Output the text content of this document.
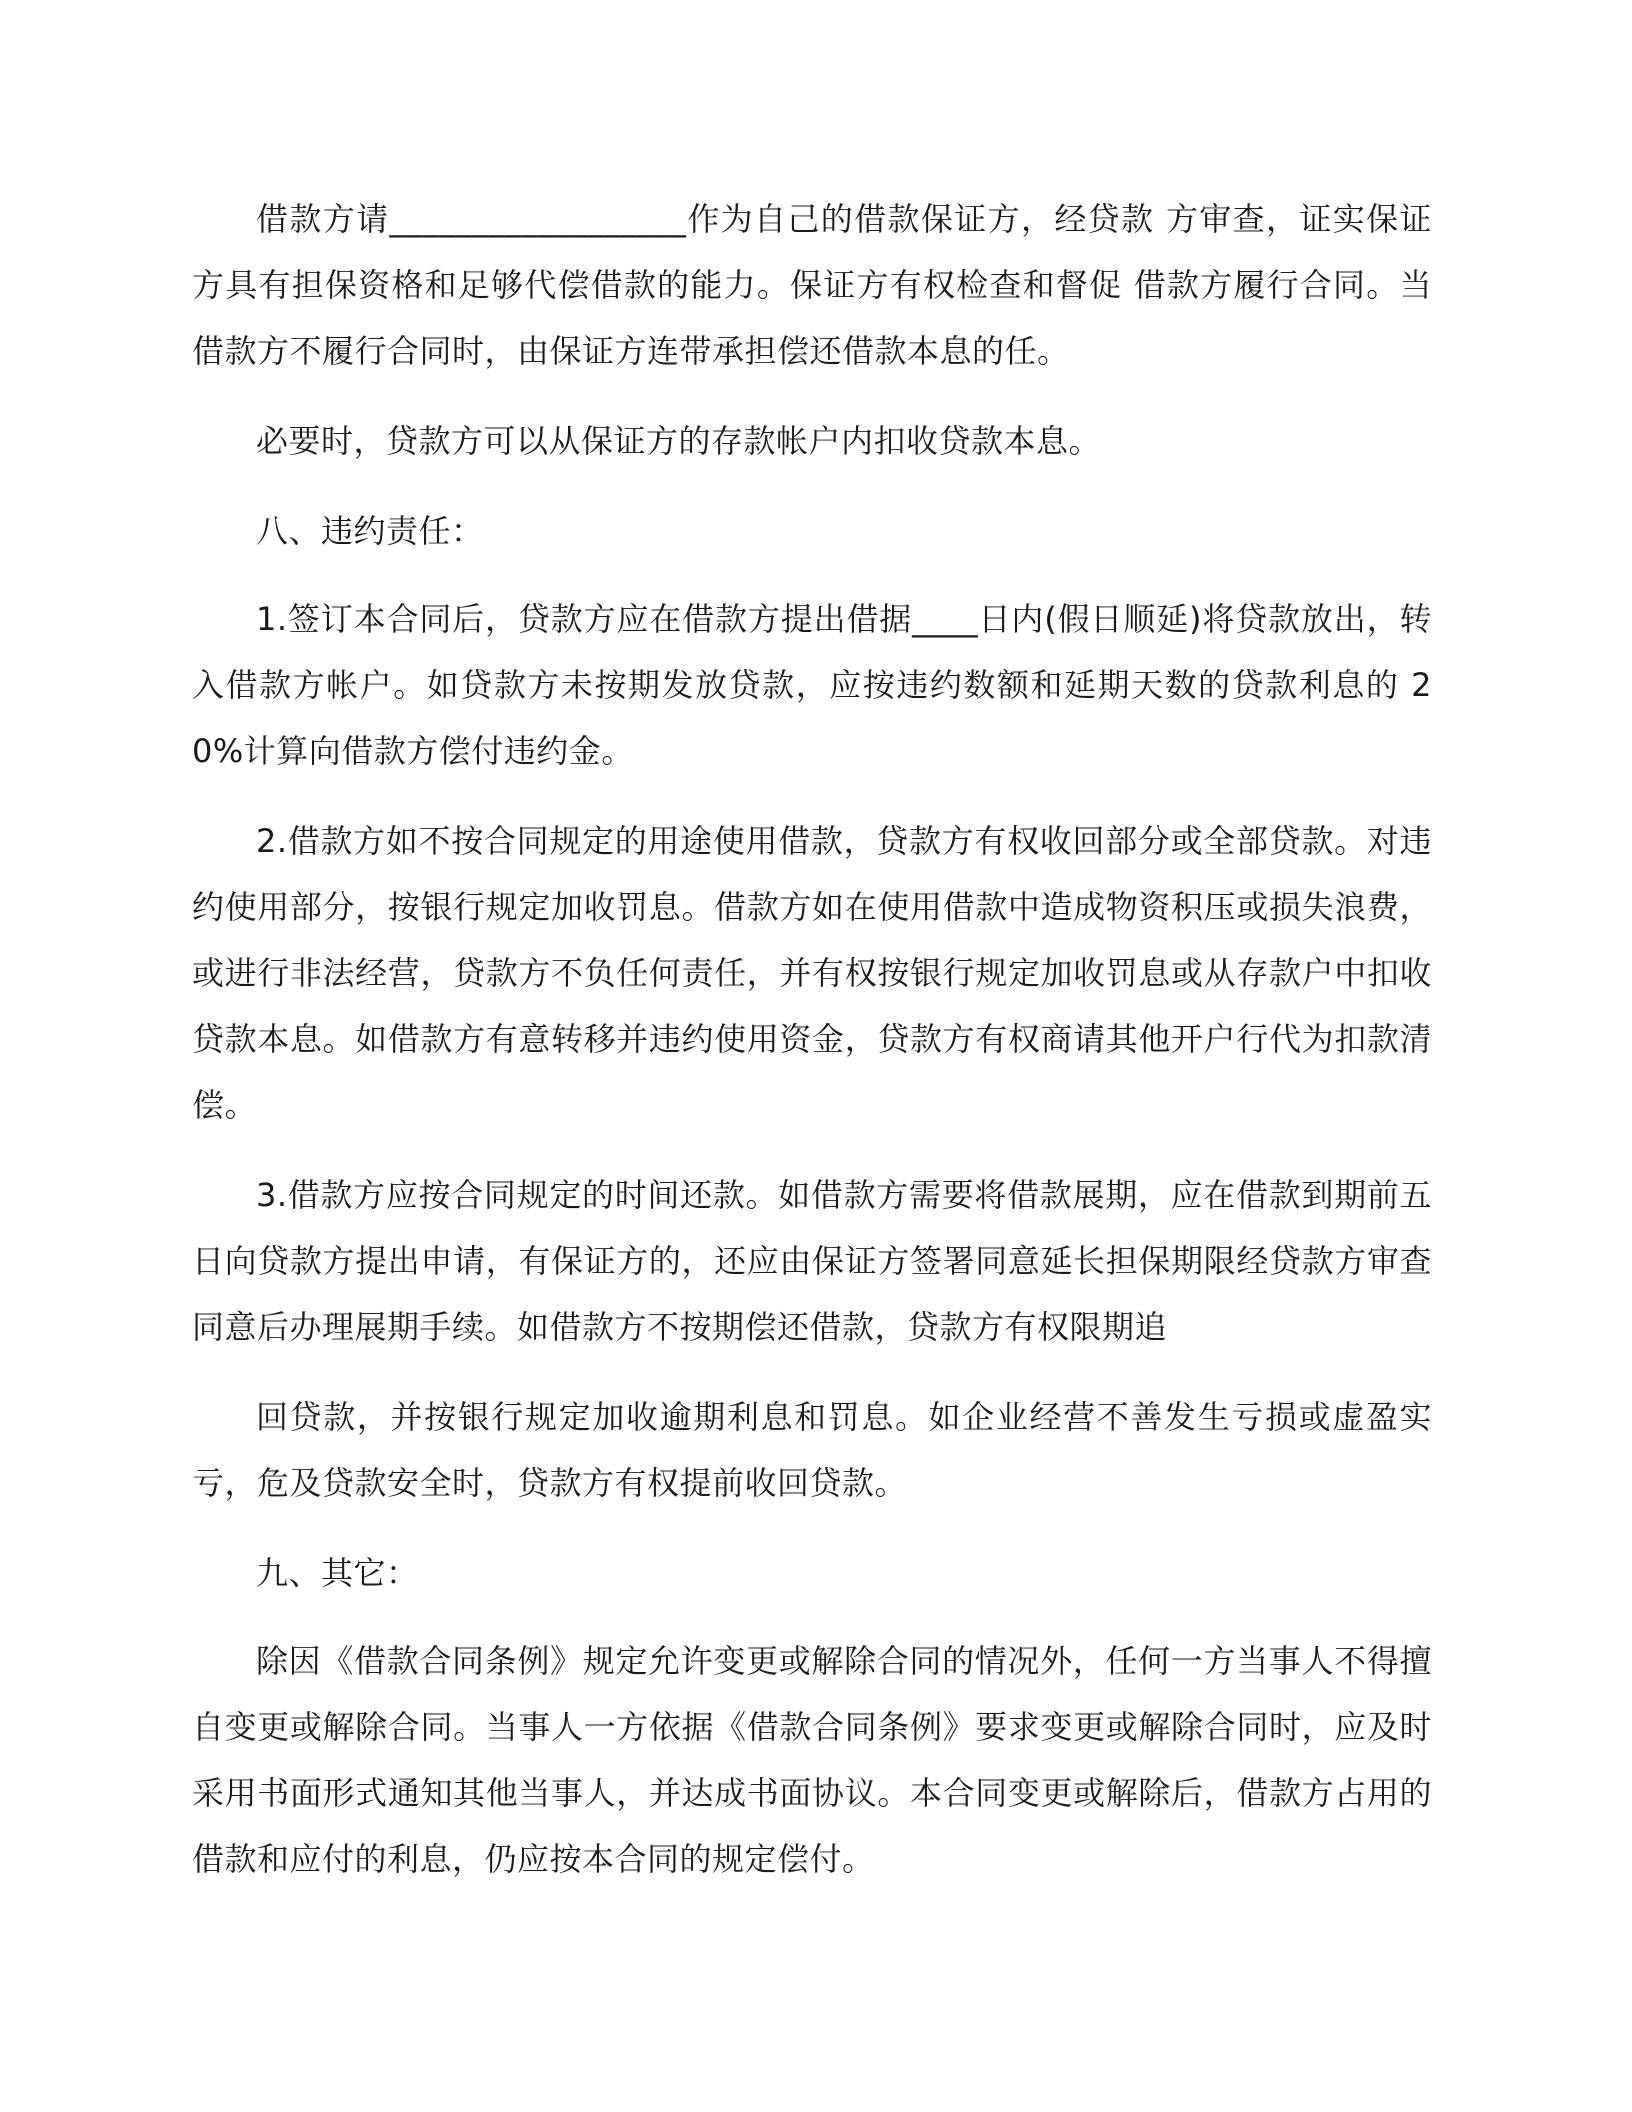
借款方请__________________作为自己的借款保证方，经贷款 方审查，证实保证方具有担保资格和足够代偿借款的能力。保证方有权检查和督促 借款方履行合同。当借款方不履行合同时，由保证方连带承担偿还借款本息的任。

必要时，贷款方可以从保证方的存款帐户内扣收贷款本息。

八、违约责任：

1.签订本合同后，贷款方应在借款方提出借据____日内(假日顺延)将贷款放出，转入借款方帐户。如贷款方未按期发放贷款，应按违约数额和延期天数的贷款利息的 20%计算向借款方偿付违约金。

2.借款方如不按合同规定的用途使用借款，贷款方有权收回部分或全部贷款。对违约使用部分，按银行规定加收罚息。借款方如在使用借款中造成物资积压或损失浪费，或进行非法经营，贷款方不负任何责任，并有权按银行规定加收罚息或从存款户中扣收贷款本息。如借款方有意转移并违约使用资金，贷款方有权商请其他开户行代为扣款清偿。

3.借款方应按合同规定的时间还款。如借款方需要将借款展期，应在借款到期前五日向贷款方提出申请，有保证方的，还应由保证方签署同意延长担保期限经贷款方审查同意后办理展期手续。如借款方不按期偿还借款，贷款方有权限期追

回贷款，并按银行规定加收逾期利息和罚息。如企业经营不善发生亏损或虚盈实亏，危及贷款安全时，贷款方有权提前收回贷款。

九、其它：

除因《借款合同条例》规定允许变更或解除合同的情况外，任何一方当事人不得擅自变更或解除合同。当事人一方依据《借款合同条例》要求变更或解除合同时，应及时采用书面形式通知其他当事人，并达成书面协议。本合同变更或解除后，借款方占用的借款和应付的利息，仍应按本合同的规定偿付。
